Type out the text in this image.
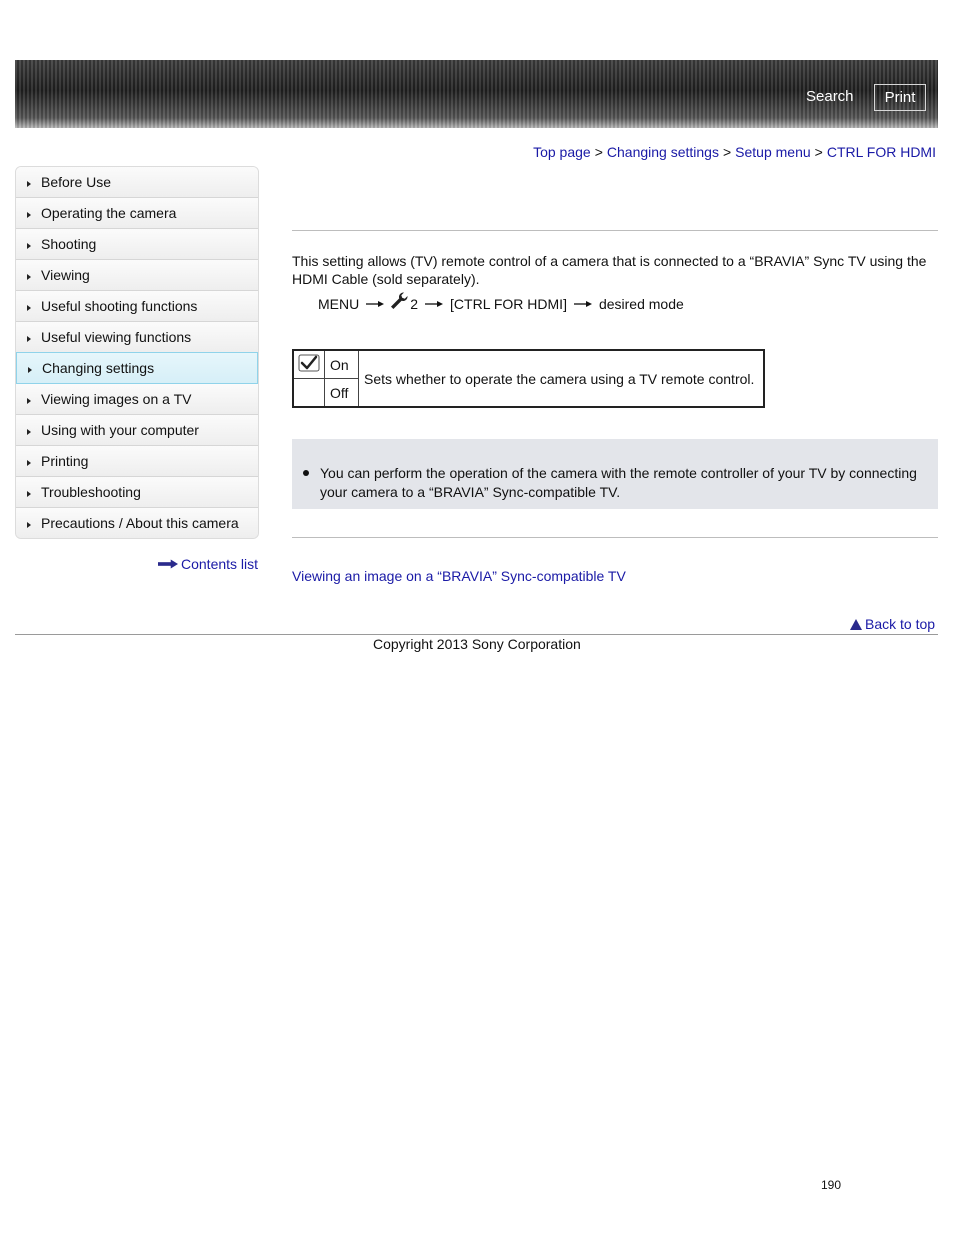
Search	Print
Top page > Changing settings > Setup menu > CTRL FOR HDMI
Before Use
Operating the camera
Shooting
Viewing
Useful shooting functions
Useful viewing functions
Changing settings
Viewing images on a TV
Using with your computer
Printing
Troubleshooting
Precautions / About this camera
Contents list
This setting allows (TV) remote control of a camera that is connected to a “BRAVIA” Sync TV using the HDMI Cable (sold separately).
MENU	2 [CTRL FOR HDMI] desired mode
	On	Sets whether to operate the camera using a TV remote control.
	Off	
You can perform the operation of the camera with the remote controller of your TV by connecting your camera to a “BRAVIA” Sync-compatible TV.
Viewing an image on a “BRAVIA” Sync-compatible TV
Back to top
Copyright 2013 Sony Corporation
190
